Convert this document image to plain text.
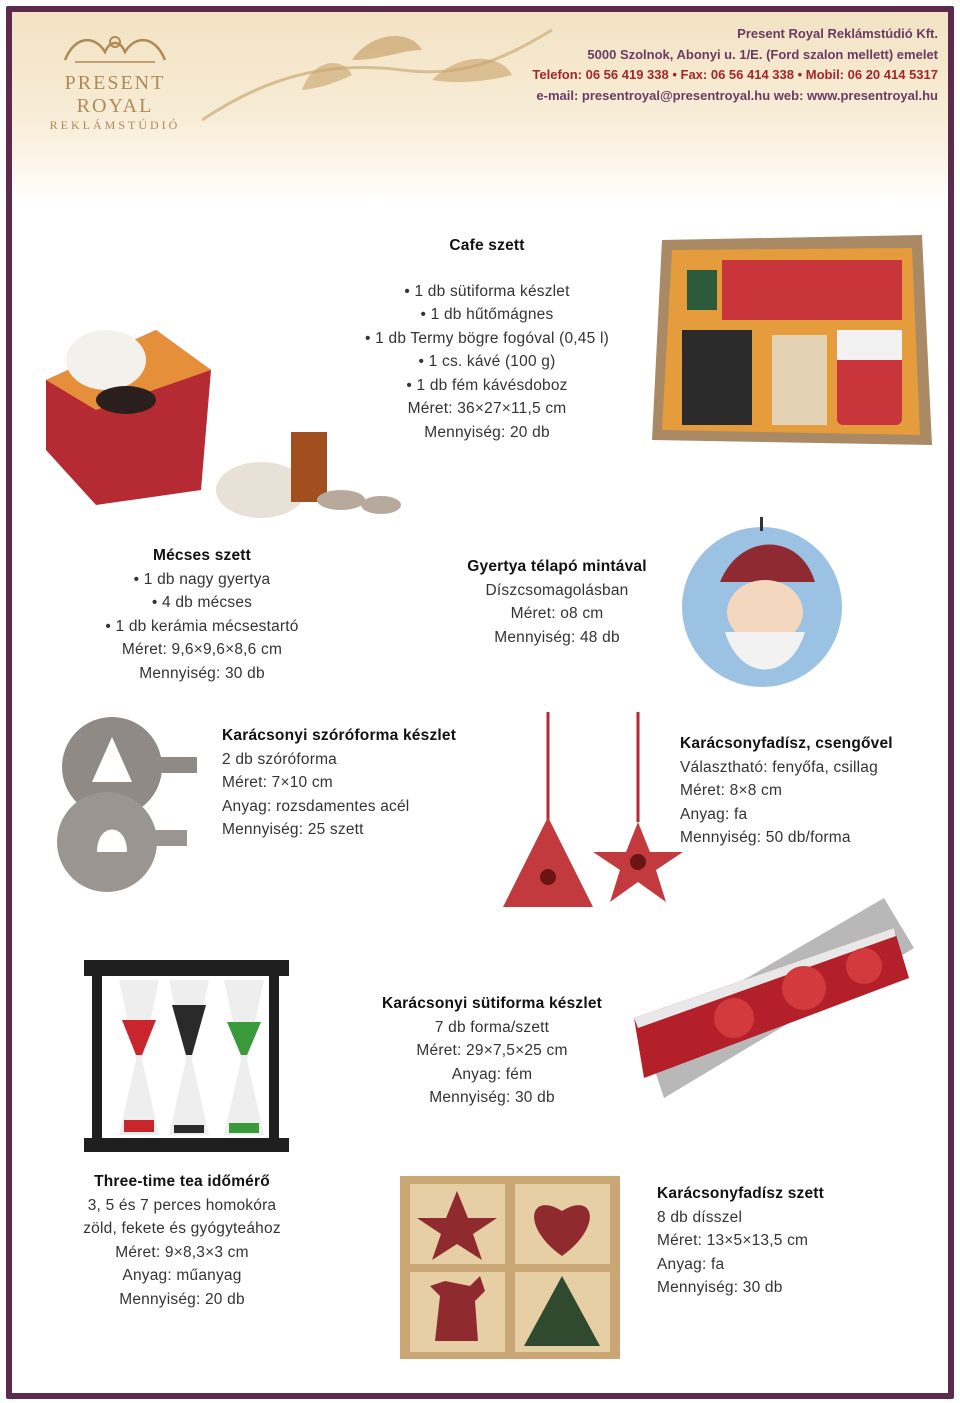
PRESENT ROYAL
REKLÁMSTÚDIÓ
Present Royal Reklámstúdió Kft.
5000 Szolnok, Abonyi u. 1/E. (Ford szalon mellett) emelet
Telefon: 06 56 419 338 • Fax: 06 56 414 338 • Mobil: 06 20 414 5317
e-mail: presentroyal@presentroyal.hu web: www.presentroyal.hu
Cafe szett
• 1 db sütiforma készlet
• 1 db hűtőmágnes
• 1 db Termy bögre fogóval (0,45 l)
• 1 cs. kávé (100 g)
• 1 db fém kávésdoboz
Méret: 36×27×11,5 cm
Mennyiség: 20 db
Mécses szett
• 1 db nagy gyertya
• 4 db mécses
• 1 db kerámia mécsestartó
Méret: 9,6×9,6×8,6 cm
Mennyiség: 30 db
Gyertya télapó mintával
Díszcsomagolásban
Méret: o8 cm
Mennyiség: 48 db
Karácsonyi szóróforma készlet
2 db szóróforma
Méret: 7×10 cm
Anyag: rozsdamentes acél
Mennyiség: 25 szett
Karácsonyfadísz, csengővel
Választható: fenyőfa, csillag
Méret: 8×8 cm
Anyag: fa
Mennyiség: 50 db/forma
Karácsonyi sütiforma készlet
7 db forma/szett
Méret: 29×7,5×25 cm
Anyag: fém
Mennyiség: 30 db
Three-time tea időmérő
3, 5 és 7 perces homokóra
zöld, fekete és gyógyteához
Méret: 9×8,3×3 cm
Anyag: műanyag
Mennyiség: 20 db
Karácsonyfadísz szett
8 db dísszel
Méret: 13×5×13,5 cm
Anyag: fa
Mennyiség: 30 db
